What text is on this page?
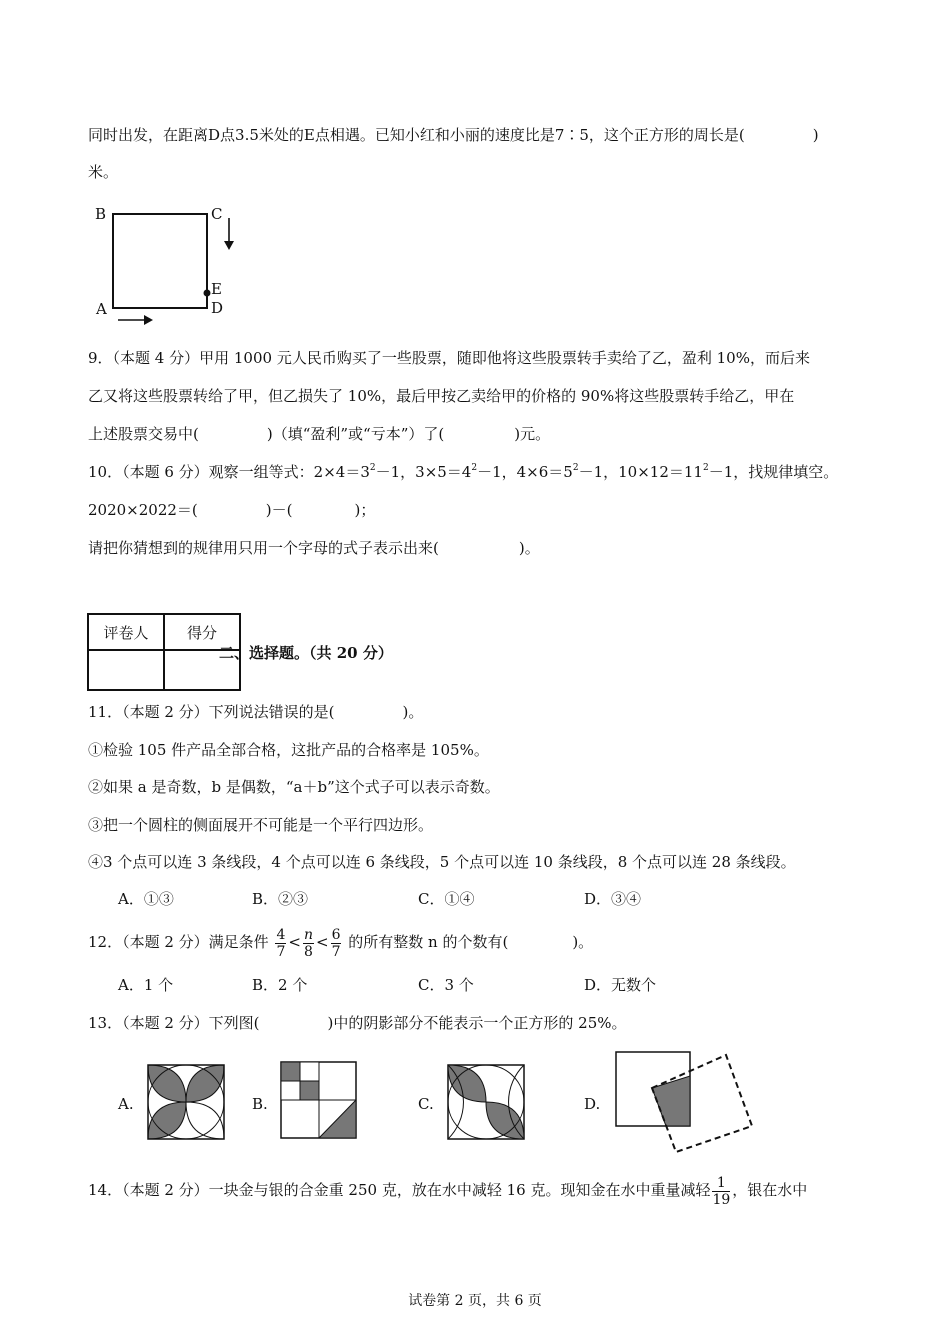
同时出发，在距离D点3.5米处的E点相遇。已知小红和小丽的速度比是7∶5，这个正方形的周长是(	)
米。
B	C
A
E
D
9．（本题 4 分）甲用 1000 元人民币购买了一些股票，随即他将这些股票转手卖给了乙，盈利 10%，而后来
乙又将这些股票转给了甲，但乙损失了 10%，最后甲按乙卖给甲的价格的 90%将这些股票转手给乙，甲在
上述股票交易中(	)（填“盈利”或“亏本”）了(	)元。
10．（本题 6 分）观察一组等式：$2\times 4=3^2-1$，$3\times 5=4^2-1$，$4\times 6=5^2-1$，$10\times 12=11^2-1$，找规律填空。
2020×2022＝(	)－(	)；
请把你猜想到的规律用只用一个字母的式子表示出来(	)。
评卷人	得分

二、选择题。（共 20 分）
11．（本题 2 分）下列说法错误的是(	)。
①检验 105 件产品全部合格，这批产品的合格率是 105%。
②如果 a 是奇数，b 是偶数，“a＋b”这个式子可以表示奇数。
③把一个圆柱的侧面展开不可能是一个平行四边形。
④3 个点可以连 3 条线段，4 个点可以连 6 条线段，5 个点可以连 10 条线段，8 个点可以连 28 条线段。
A．①③	B．②③	C．①④	D．③④
12．（本题 2 分）满足条件 $\frac{4}{7} < \frac{n}{8} < \frac{6}{7}$ 的所有整数 n 的个数有(	)。
A．1 个	B．2 个	C．3 个	D．无数个
13．（本题 2 分）下列图(	)中的阴影部分不能表示一个正方形的 25%。
A.	B.	C.	D.
14．（本题 2 分）一块金与银的合金重 250 克，放在水中减轻 16 克。现知金在水中重量减轻 $\frac{1}{19}$ ，银在水中
试卷第 2 页，共 6 页
